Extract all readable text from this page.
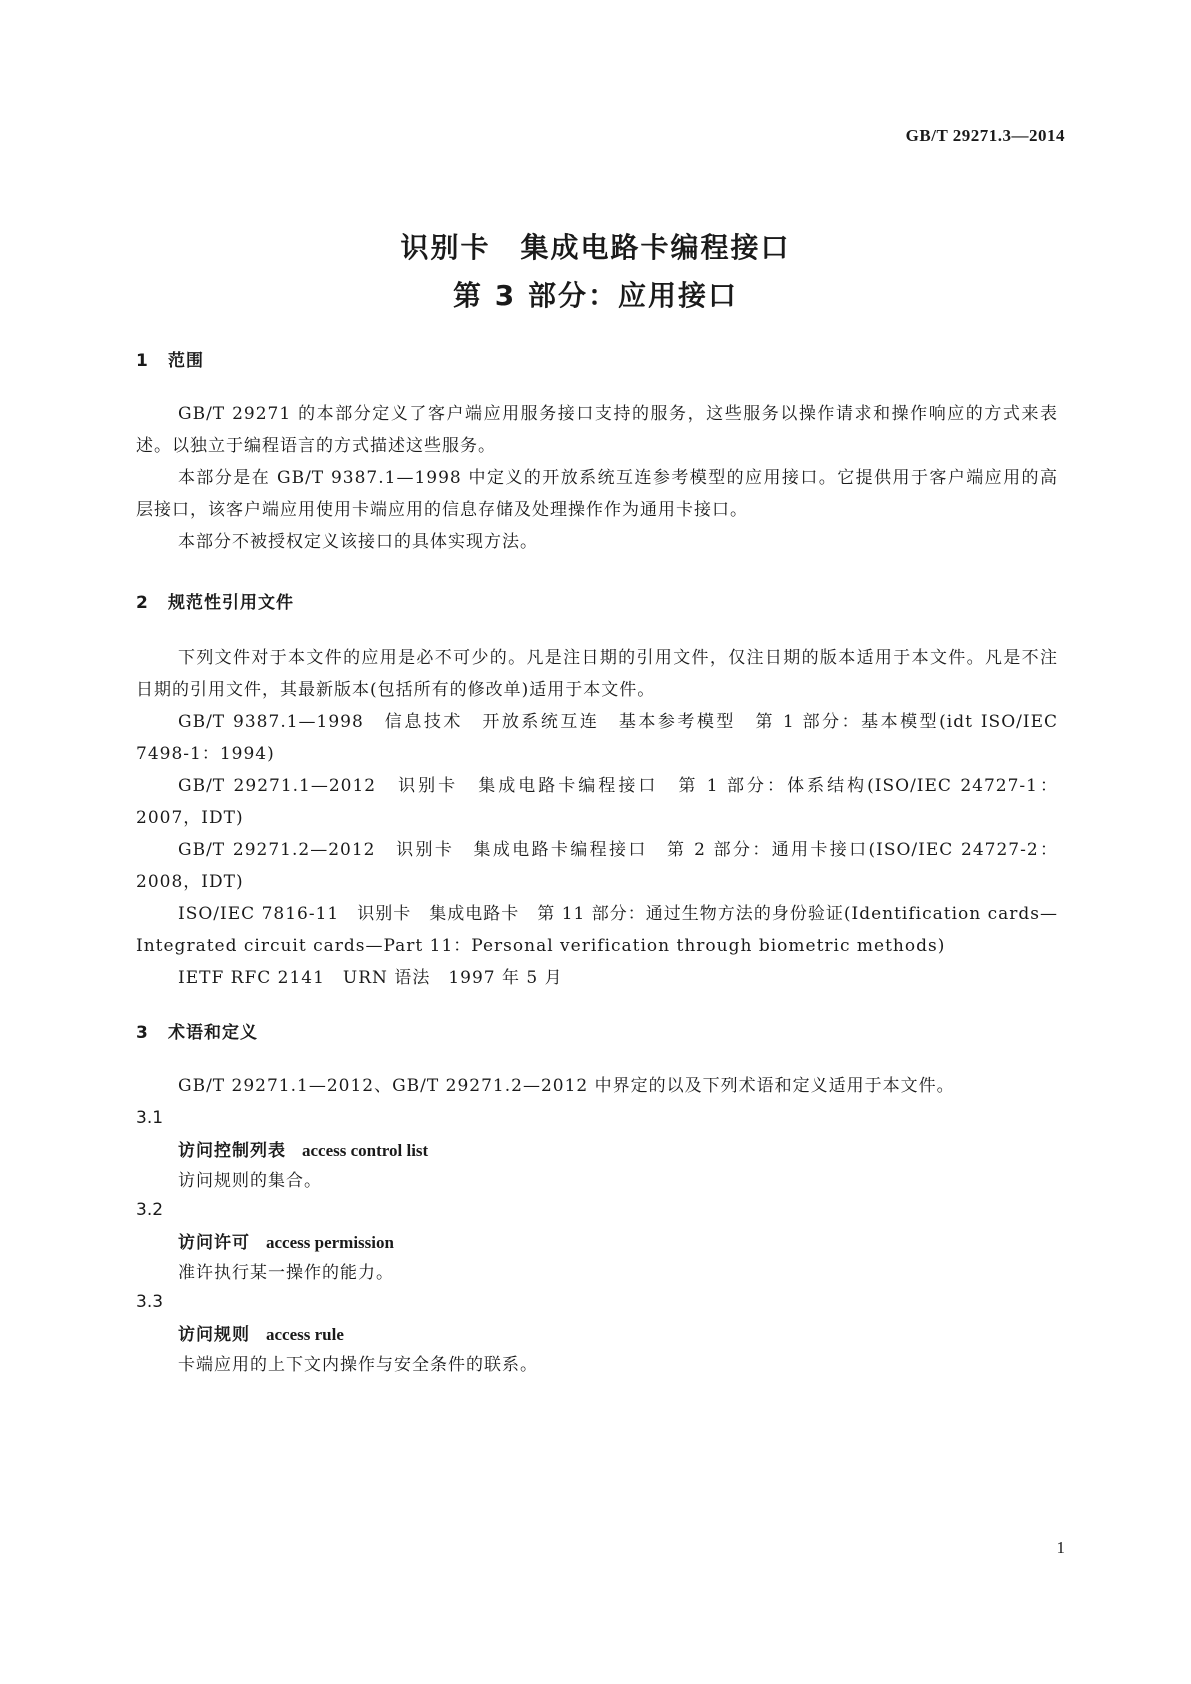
GB/T 29271.3—2014
识别卡　集成电路卡编程接口
第 3 部分：应用接口
1 范围
GB/T 29271 的本部分定义了客户端应用服务接口支持的服务，这些服务以操作请求和操作响应的方式来表述。以独立于编程语言的方式描述这些服务。
本部分是在 GB/T 9387.1—1998 中定义的开放系统互连参考模型的应用接口。它提供用于客户端应用的高层接口，该客户端应用使用卡端应用的信息存储及处理操作作为通用卡接口。
本部分不被授权定义该接口的具体实现方法。
2 规范性引用文件
下列文件对于本文件的应用是必不可少的。凡是注日期的引用文件，仅注日期的版本适用于本文件。凡是不注日期的引用文件，其最新版本(包括所有的修改单)适用于本文件。
GB/T 9387.1—1998　信息技术　开放系统互连　基本参考模型　第 1 部分：基本模型(idt ISO/IEC 7498-1：1994)
GB/T 29271.1—2012　识别卡　集成电路卡编程接口　第 1 部分：体系结构(ISO/IEC 24727-1：2007，IDT)
GB/T 29271.2—2012　识别卡　集成电路卡编程接口　第 2 部分：通用卡接口(ISO/IEC 24727-2：2008，IDT)
ISO/IEC 7816-11　识别卡　集成电路卡　第 11 部分：通过生物方法的身份验证(Identification cards—Integrated circuit cards—Part 11：Personal verification through biometric methods)
IETF RFC 2141　URN 语法　1997 年 5 月
3 术语和定义
GB/T 29271.1—2012、GB/T 29271.2—2012 中界定的以及下列术语和定义适用于本文件。
3.1
访问控制列表 access control list
访问规则的集合。
3.2
访问许可 access permission
准许执行某一操作的能力。
3.3
访问规则 access rule
卡端应用的上下文内操作与安全条件的联系。
1
